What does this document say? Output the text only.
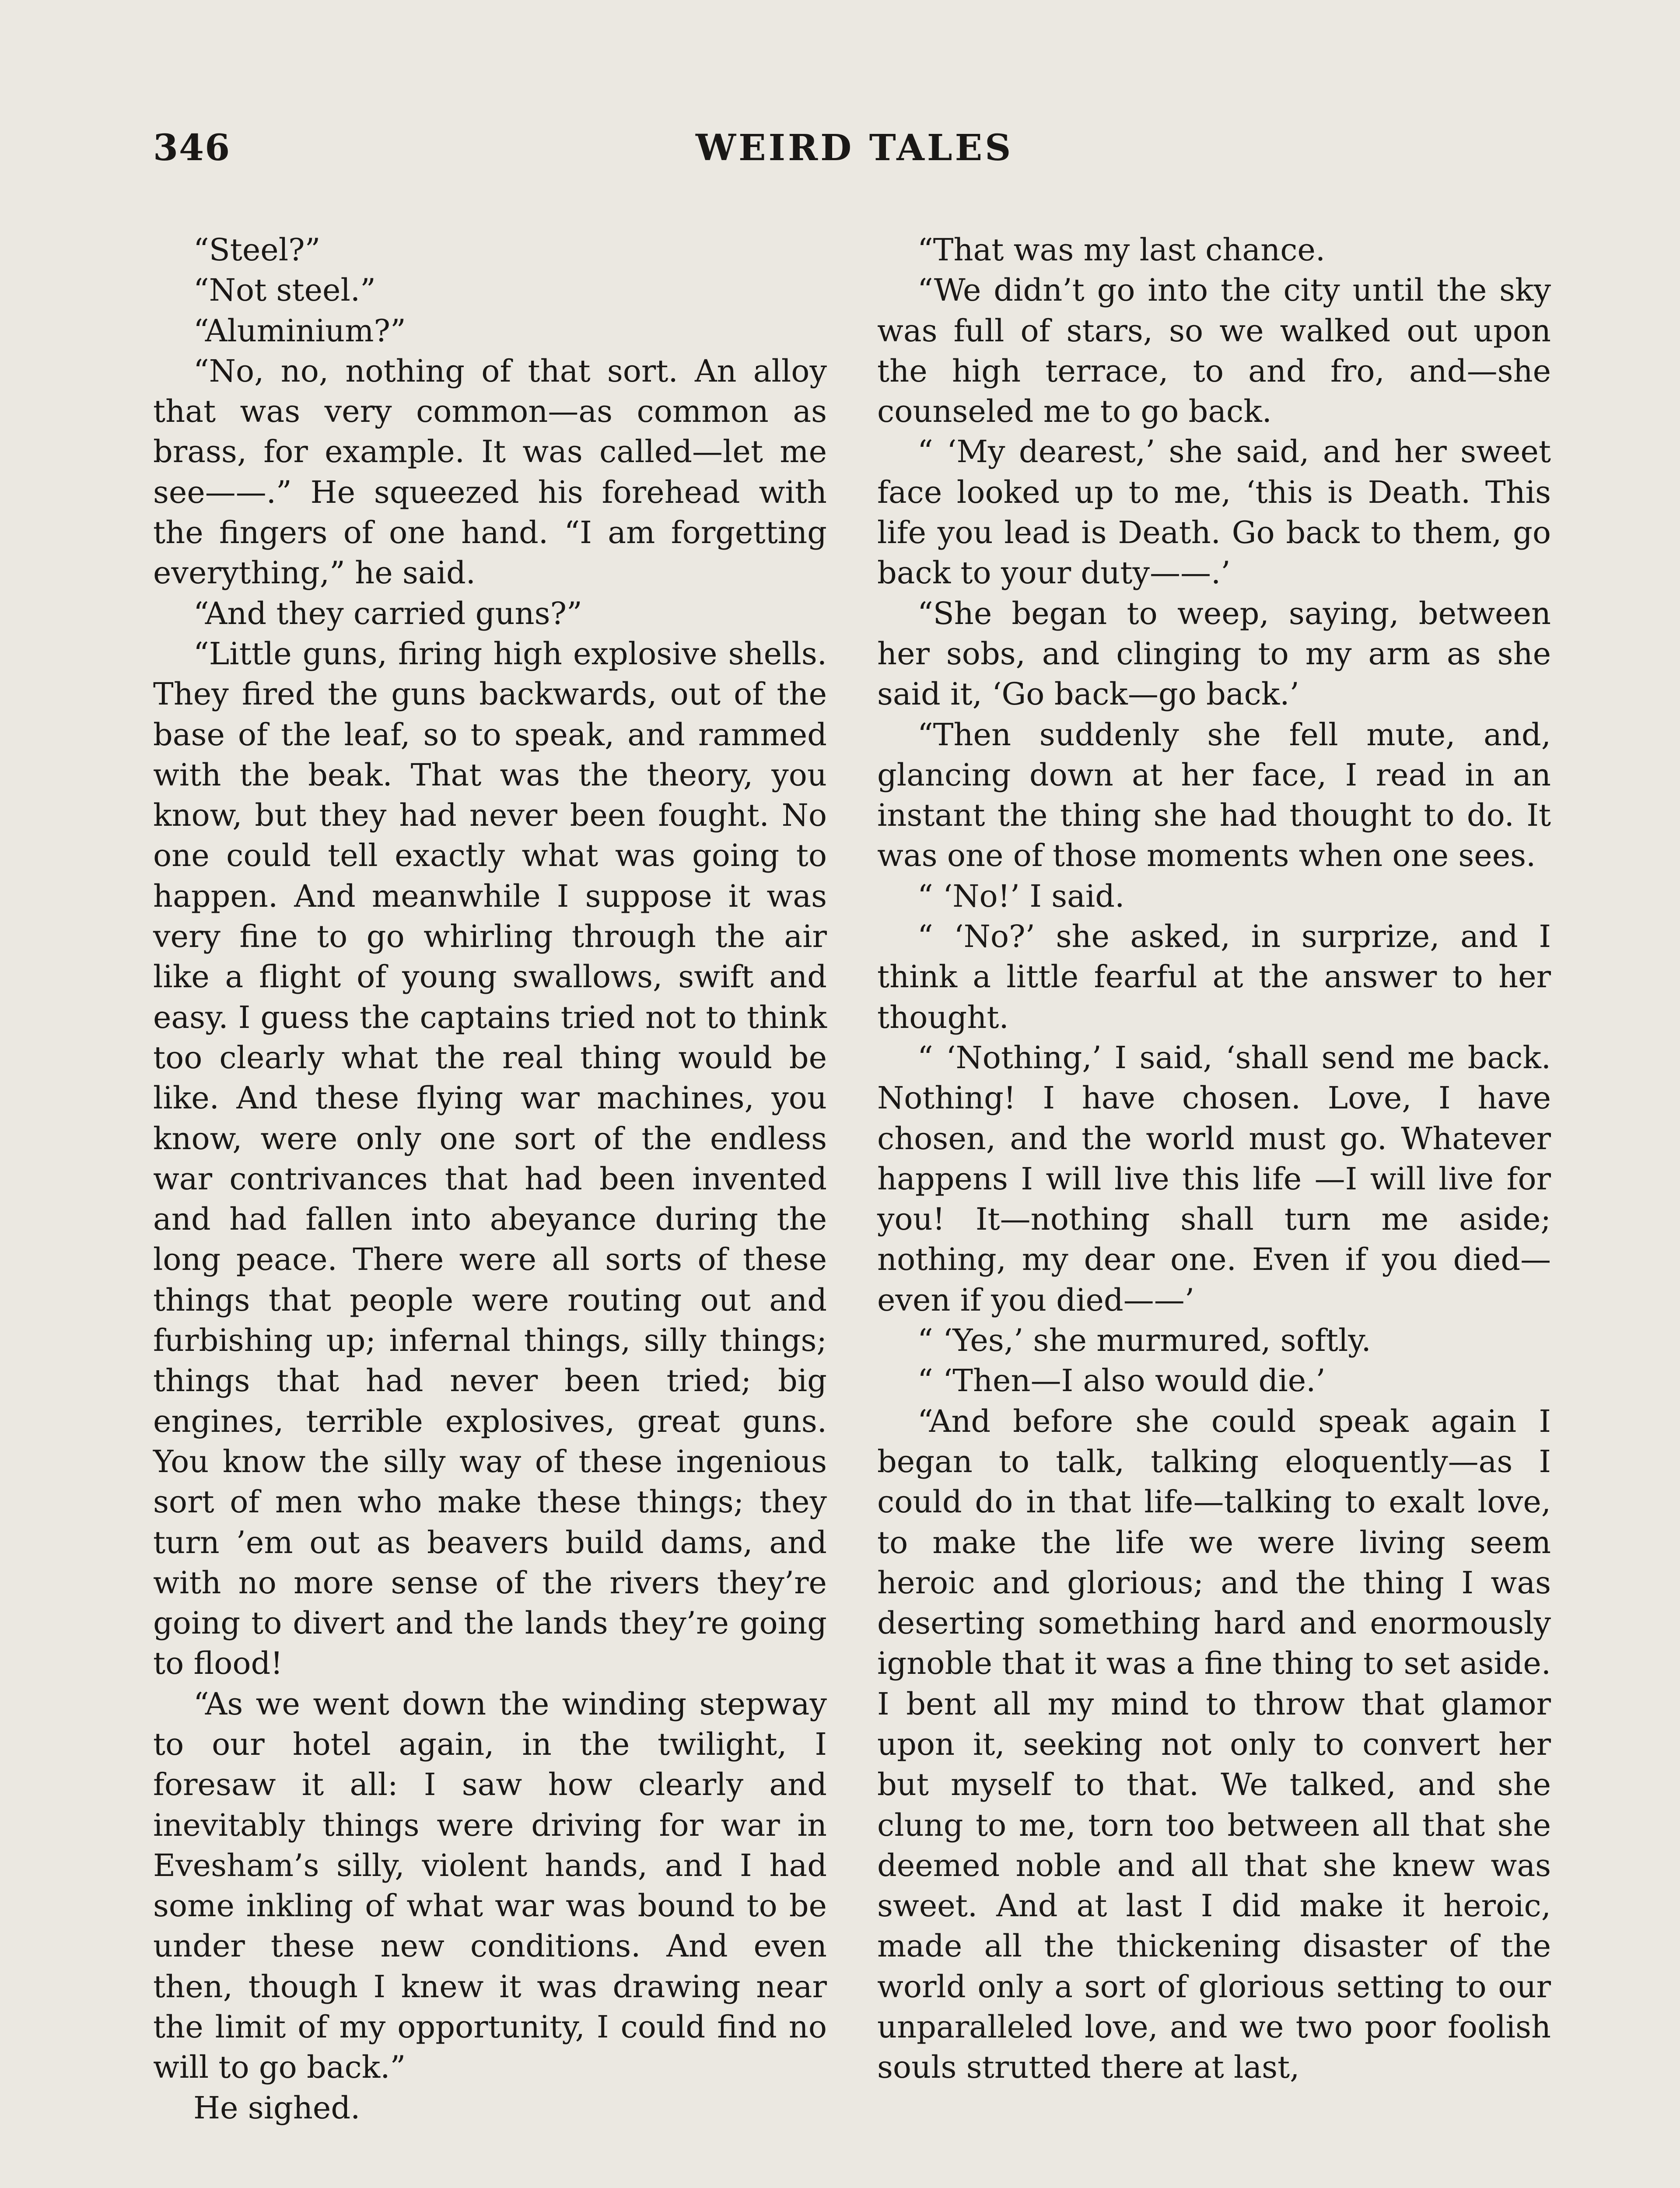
346	WEIRD TALES

“Steel?”

“Not steel.”

“Aluminium?”

“No, no, nothing of that sort. An alloy that was very common—as common as brass, for example. It was called—let me see——.” He squeezed his forehead with the fingers of one hand. “I am forgetting everything,” he said.

“And they carried guns?”

“Little guns, firing high explosive shells. They fired the guns backwards, out of the base of the leaf, so to speak, and rammed with the beak. That was the theory, you know, but they had never been fought. No one could tell exactly what was going to happen. And meanwhile I suppose it was very fine to go whirling through the air like a flight of young swallows, swift and easy. I guess the captains tried not to think too clearly what the real thing would be like. And these flying war machines, you know, were only one sort of the endless war contrivances that had been invented and had fallen into abeyance during the long peace. There were all sorts of these things that people were routing out and furbishing up; infernal things, silly things; things that had never been tried; big engines, terrible explosives, great guns. You know the silly way of these ingenious sort of men who make these things; they turn ’em out as beavers build dams, and with no more sense of the rivers they’re going to divert and the lands they’re going to flood!

“As we went down the winding stepway to our hotel again, in the twilight, I foresaw it all: I saw how clearly and inevitably things were driving for war in Evesham’s silly, violent hands, and I had some inkling of what war was bound to be under these new conditions. And even then, though I knew it was drawing near the limit of my opportunity, I could find no will to go back.”

He sighed.

“That was my last chance.

“We didn’t go into the city until the sky was full of stars, so we walked out upon the high terrace, to and fro, and—she counseled me to go back.

“ ‘My dearest,’ she said, and her sweet face looked up to me, ‘this is Death. This life you lead is Death. Go back to them, go back to your duty——.’

“She began to weep, saying, between her sobs, and clinging to my arm as she said it, ‘Go back—go back.’

“Then suddenly she fell mute, and, glancing down at her face, I read in an instant the thing she had thought to do. It was one of those moments when one sees.

“ ‘No!’ I said.

“ ‘No?’ she asked, in surprize, and I think a little fearful at the answer to her thought.

“ ‘Nothing,’ I said, ‘shall send me back. Nothing! I have chosen. Love, I have chosen, and the world must go. Whatever happens I will live this life —I will live for you! It—nothing shall turn me aside; nothing, my dear one. Even if you died—even if you died——’

“ ‘Yes,’ she murmured, softly.

“ ‘Then—I also would die.’

“And before she could speak again I began to talk, talking eloquently—as I could do in that life—talking to exalt love, to make the life we were living seem heroic and glorious; and the thing I was deserting something hard and enormously ignoble that it was a fine thing to set aside. I bent all my mind to throw that glamor upon it, seeking not only to convert her but myself to that. We talked, and she clung to me, torn too between all that she deemed noble and all that she knew was sweet. And at last I did make it heroic, made all the thickening disaster of the world only a sort of glorious setting to our unparalleled love, and we two poor foolish souls strutted there at last,
